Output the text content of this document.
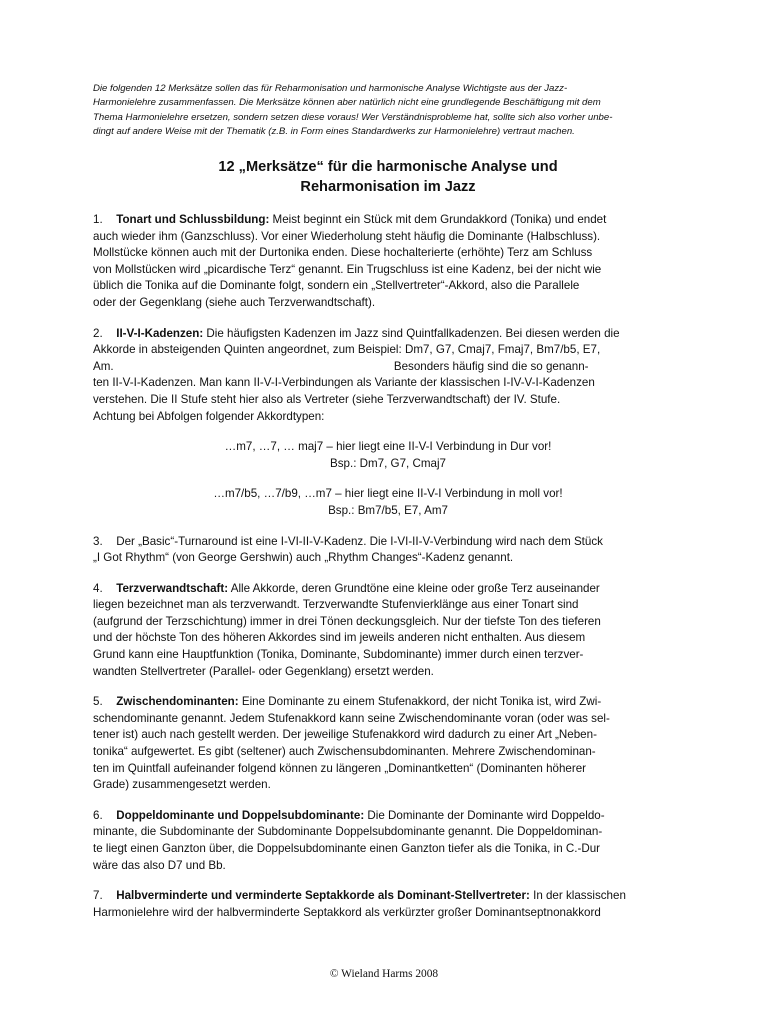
Die folgenden 12 Merksätze sollen das für Reharmonisation und harmonische Analyse Wichtigste aus der Jazz-
Harmonielehre zusammenfassen. Die Merksätze können aber natürlich nicht eine grundlegende Beschäftigung mit dem
Thema Harmonielehre ersetzen, sondern setzen diese voraus! Wer Verständnisprobleme hat, sollte sich also vorher unbe-
dingt auf andere Weise mit der Thematik (z.B. in Form eines Standardwerks zur Harmonielehre) vertraut machen.

12 „Merksätze“ für die harmonische Analyse und
Reharmonisation im Jazz

1. Tonart und Schlussbildung: Meist beginnt ein Stück mit dem Grundakkord (Tonika) und endet
auch wieder ihm (Ganzschluss). Vor einer Wiederholung steht häufig die Dominante (Halbschluss).
Mollstücke können auch mit der Durtonika enden. Diese hochalterierte (erhöhte) Terz am Schluss
von Mollstücken wird „picardische Terz“ genannt. Ein Trugschluss ist eine Kadenz, bei der nicht wie
üblich die Tonika auf die Dominante folgt, sondern ein „Stellvertreter“-Akkord, also die Parallele
oder der Gegenklang (siehe auch Terzverwandtschaft).

2. II-V-I-Kadenzen: Die häufigsten Kadenzen im Jazz sind Quintfallkadenzen. Bei diesen werden die
Akkorde in absteigenden Quinten angeordnet, zum Beispiel: Dm7, G7, Cmaj7, Fmaj7, Bm7/b5, E7,
Am.                                                                                       Besonders häufig sind die so genann-
ten II-V-I-Kadenzen. Man kann II-V-I-Verbindungen als Variante der klassischen I-IV-V-I-Kadenzen
verstehen. Die II Stufe steht hier also als Vertreter (siehe Terzverwandtschaft) der IV. Stufe.
Achtung bei Abfolgen folgender Akkordtypen:

…m7, …7, … maj7 – hier liegt eine II-V-I Verbindung in Dur vor!
Bsp.: Dm7, G7, Cmaj7
…m7/b5, …7/b9, …m7 – hier liegt eine II-V-I Verbindung in moll vor!
Bsp.: Bm7/b5, E7, Am7

3. Der „Basic“-Turnaround ist eine I-VI-II-V-Kadenz. Die I-VI-II-V-Verbindung wird nach dem Stück
„I Got Rhythm“ (von George Gershwin) auch „Rhythm Changes“-Kadenz genannt.

4. Terzverwandtschaft: Alle Akkorde, deren Grundtöne eine kleine oder große Terz auseinander
liegen bezeichnet man als terzverwandt. Terzverwandte Stufenvierklänge aus einer Tonart sind
(aufgrund der Terzschichtung) immer in drei Tönen deckungsgleich. Nur der tiefste Ton des tieferen
und der höchste Ton des höheren Akkordes sind im jeweils anderen nicht enthalten. Aus diesem
Grund kann eine Hauptfunktion (Tonika, Dominante, Subdominante) immer durch einen terzver-
wandten Stellvertreter (Parallel- oder Gegenklang) ersetzt werden.

5. Zwischendominanten: Eine Dominante zu einem Stufenakkord, der nicht Tonika ist, wird Zwi-
schendominante genannt. Jedem Stufenakkord kann seine Zwischendominante voran (oder was sel-
tener ist) auch nach gestellt werden. Der jeweilige Stufenakkord wird dadurch zu einer Art „Neben-
tonika“ aufgewertet. Es gibt (seltener) auch Zwischensubdominanten. Mehrere Zwischendominan-
ten im Quintfall aufeinander folgend können zu längeren „Dominantketten“ (Dominanten höherer
Grade) zusammengesetzt werden.

6. Doppeldominante und Doppelsubdominante: Die Dominante der Dominante wird Doppeldo-
minante, die Subdominante der Subdominante Doppelsubdominante genannt. Die Doppeldominan-
te liegt einen Ganzton über, die Doppelsubdominante einen Ganzton tiefer als die Tonika, in C.-Dur
wäre das also D7 und Bb.

7. Halbverminderte und verminderte Septakkorde als Dominant-Stellvertreter: In der klassischen
Harmonielehre wird der halbverminderte Septakkord als verkürzter großer Dominantseptnonakkord

© Wieland Harms 2008
